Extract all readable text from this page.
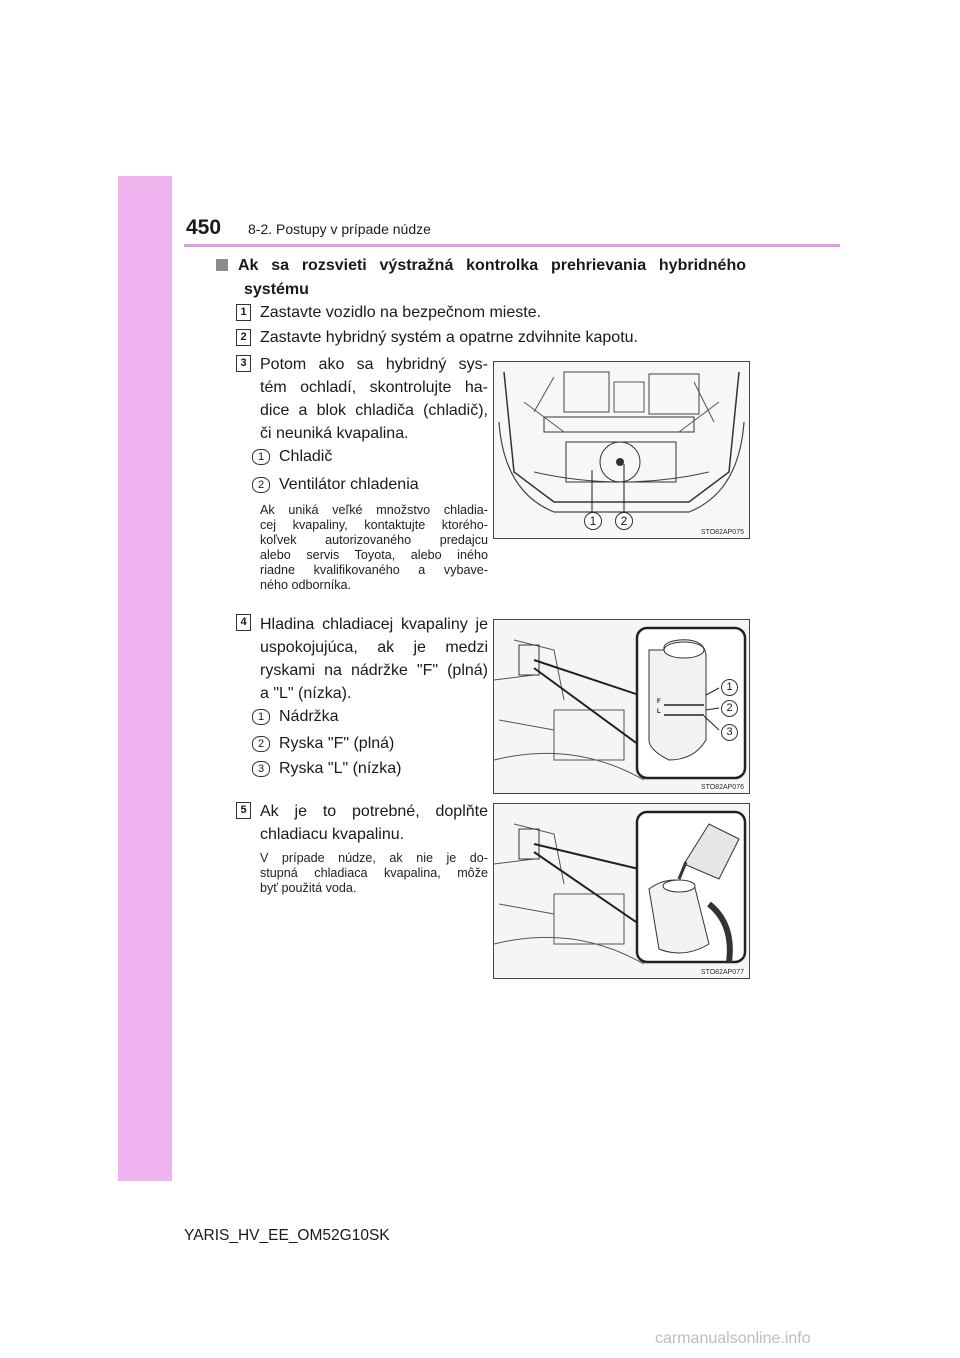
450 8-2. Postupy v prípade núdze
Ak sa rozsvieti výstražná kontrolka prehrievania hybridného
systému
1 Zastavte vozidlo na bezpečnom mieste.
2 Zastavte hybridný systém a opatrne zdvihnite kapotu.
3 Potom ako sa hybridný sys-
tém ochladí, skontrolujte ha-
dice a blok chladiča (chladič),
či neuniká kvapalina.
1 Chladič
2 Ventilátor chladenia
Ak uniká veľké množstvo chladia-
cej kvapaliny, kontaktujte ktorého-
koľvek autorizovaného predajcu
alebo servis Toyota, alebo iného
riadne kvalifikovaného a vybave-
ného odborníka.
1	2
STO82AP075
4 Hladina chladiacej kvapaliny je
uspokojujúca, ak je medzi
ryskami na nádržke "F" (plná)
a "L" (nízka).
1 Nádržka
2 Ryska "F" (plná)
3 Ryska "L" (nízka)
F
L
1
2
3
STO82AP076
5 Ak je to potrebné, doplňte
chladiacu kvapalinu.
V prípade núdze, ak nie je do-
stupná chladiaca kvapalina, môže
byť použitá voda.
STO82AP077
YARIS_HV_EE_OM52G10SK
carmanualsonline.info
